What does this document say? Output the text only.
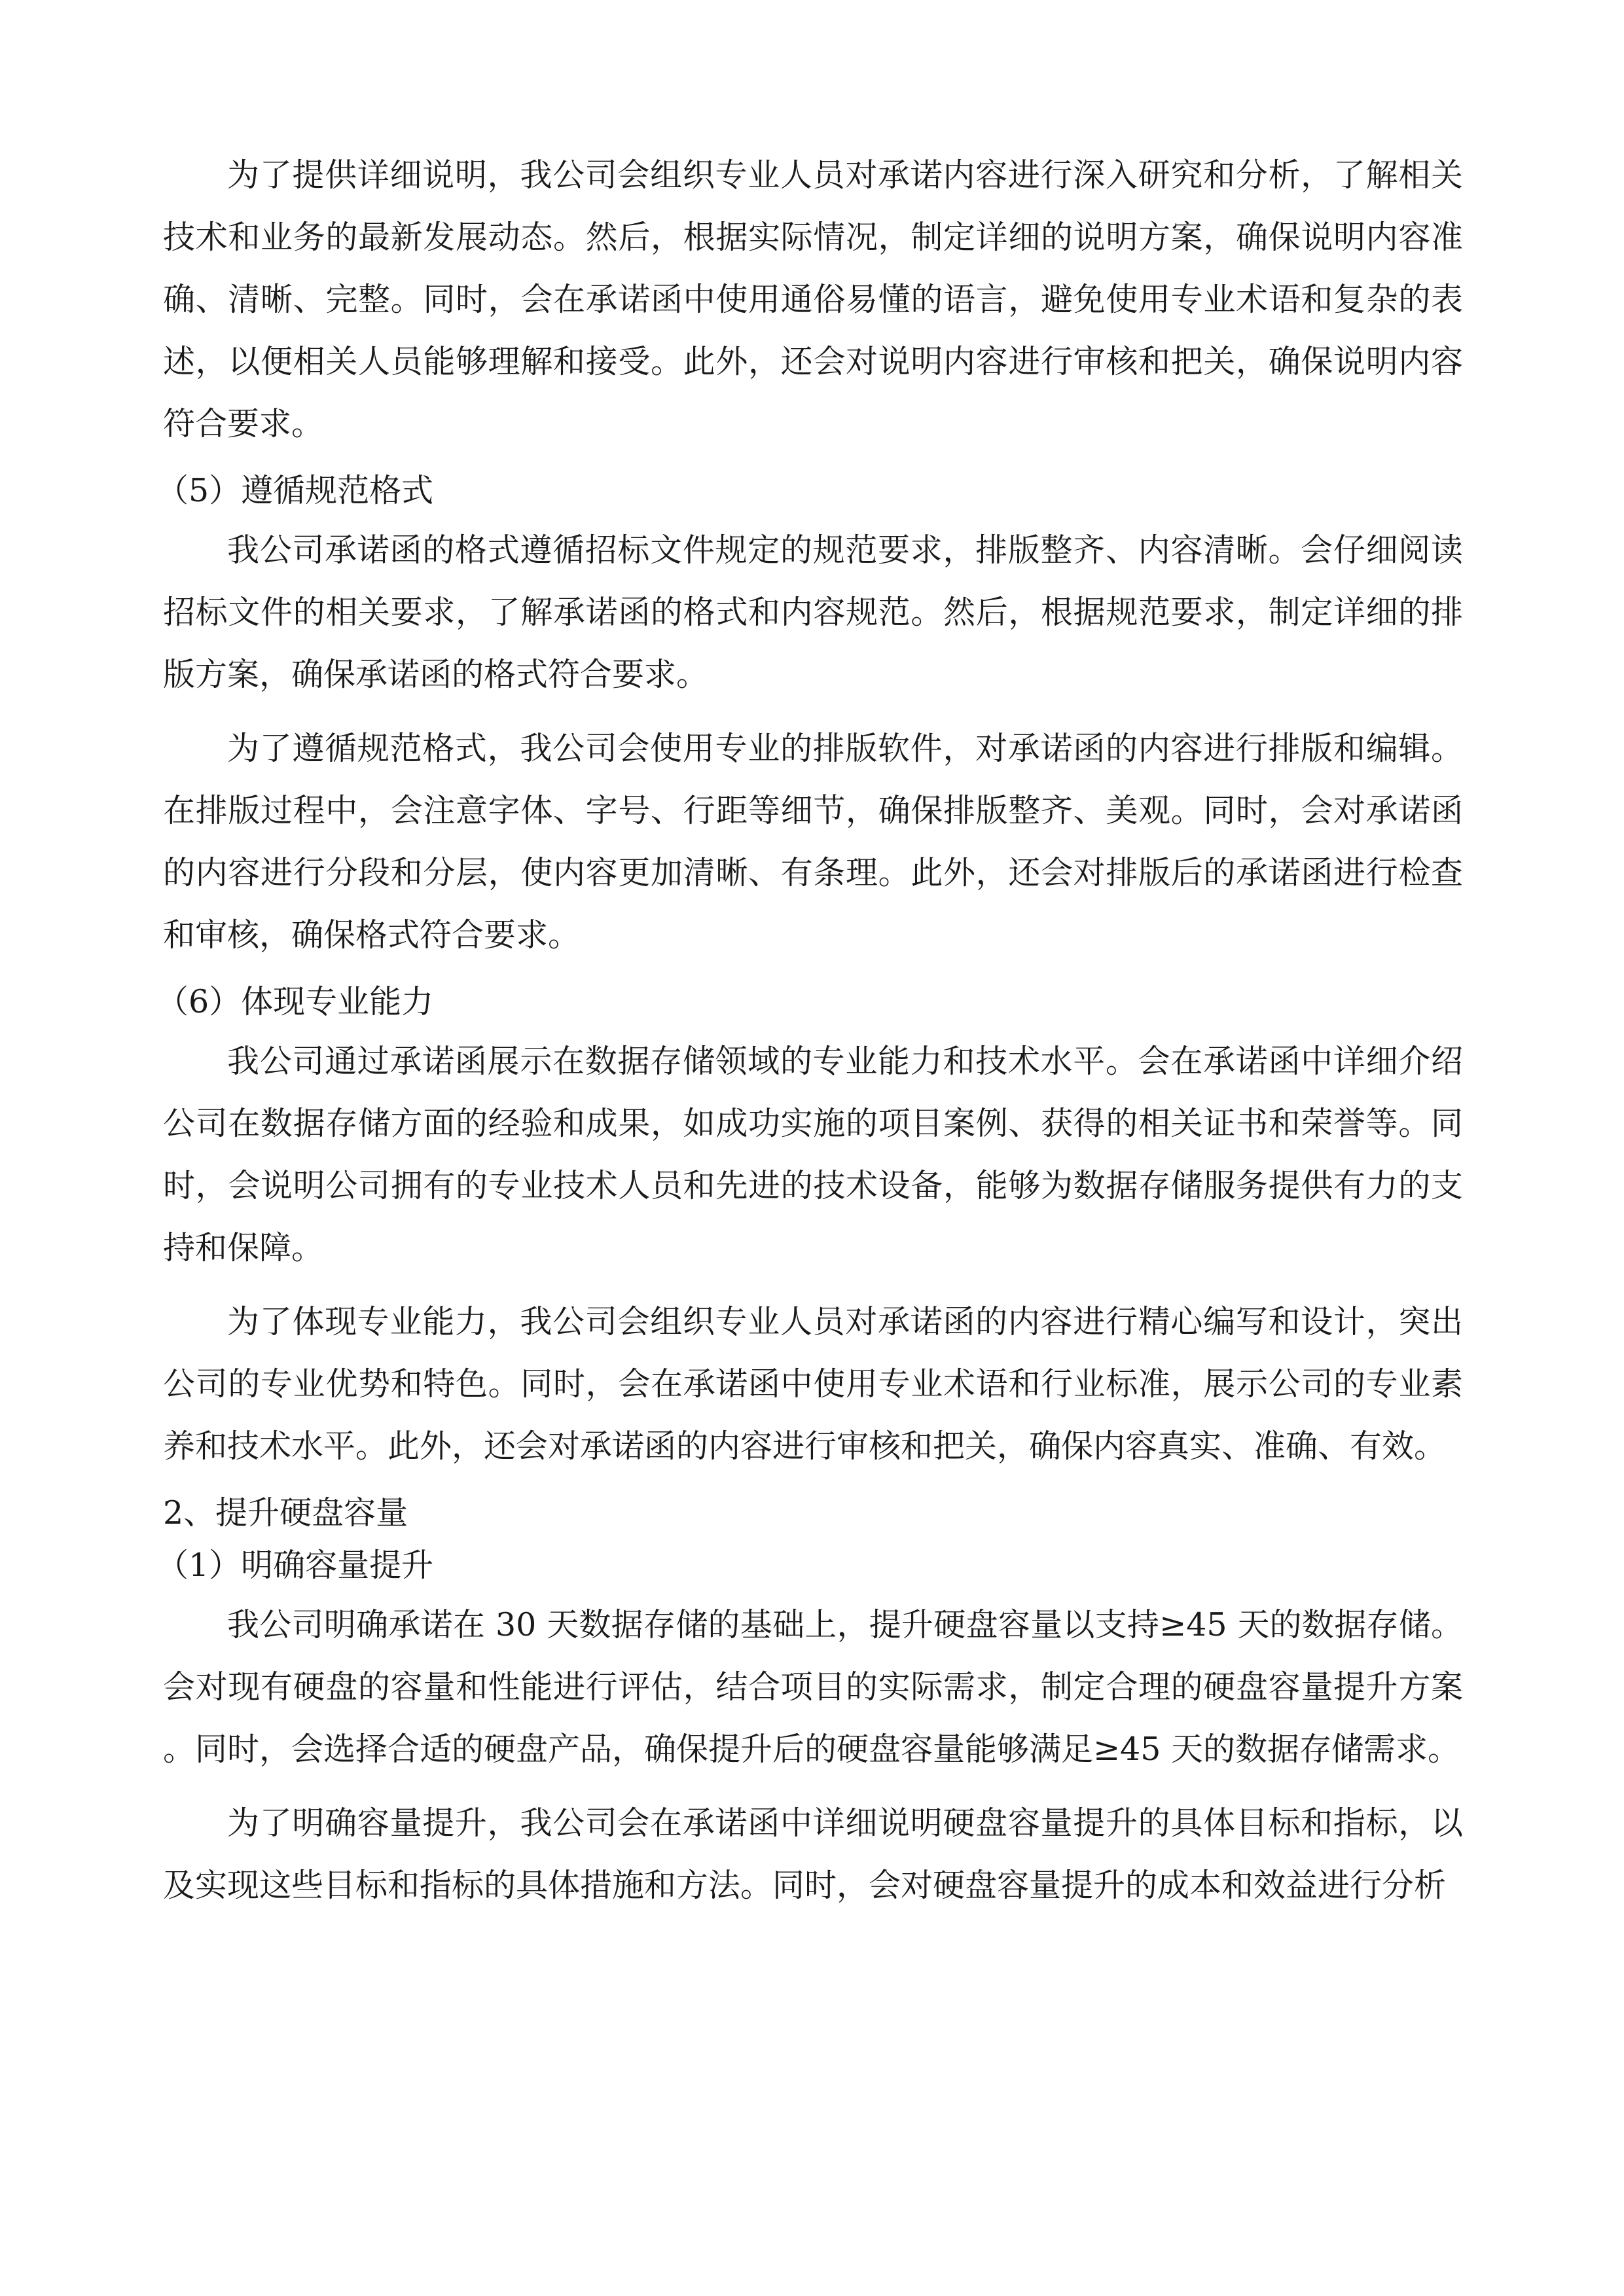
为了提供详细说明，我公司会组织专业人员对承诺内容进行深入研究和分析，了解相关技术和业务的最新发展动态。然后，根据实际情况，制定详细的说明方案，确保说明内容准确、清晰、完整。同时，会在承诺函中使用通俗易懂的语言，避免使用专业术语和复杂的表述，以便相关人员能够理解和接受。此外，还会对说明内容进行审核和把关，确保说明内容符合要求。

（5）遵循规范格式

我公司承诺函的格式遵循招标文件规定的规范要求，排版整齐、内容清晰。会仔细阅读招标文件的相关要求，了解承诺函的格式和内容规范。然后，根据规范要求，制定详细的排版方案，确保承诺函的格式符合要求。

为了遵循规范格式，我公司会使用专业的排版软件，对承诺函的内容进行排版和编辑。在排版过程中，会注意字体、字号、行距等细节，确保排版整齐、美观。同时，会对承诺函的内容进行分段和分层，使内容更加清晰、有条理。此外，还会对排版后的承诺函进行检查和审核，确保格式符合要求。

（6）体现专业能力

我公司通过承诺函展示在数据存储领域的专业能力和技术水平。会在承诺函中详细介绍公司在数据存储方面的经验和成果，如成功实施的项目案例、获得的相关证书和荣誉等。同时，会说明公司拥有的专业技术人员和先进的技术设备，能够为数据存储服务提供有力的支持和保障。

为了体现专业能力，我公司会组织专业人员对承诺函的内容进行精心编写和设计，突出公司的专业优势和特色。同时，会在承诺函中使用专业术语和行业标准，展示公司的专业素养和技术水平。此外，还会对承诺函的内容进行审核和把关，确保内容真实、准确、有效。

2、提升硬盘容量
（1）明确容量提升

我公司明确承诺在 30 天数据存储的基础上，提升硬盘容量以支持≥45 天的数据存储。会对现有硬盘的容量和性能进行评估，结合项目的实际需求，制定合理的硬盘容量提升方案。同时，会选择合适的硬盘产品，确保提升后的硬盘容量能够满足≥45 天的数据存储需求。

为了明确容量提升，我公司会在承诺函中详细说明硬盘容量提升的具体目标和指标，以及实现这些目标和指标的具体措施和方法。同时，会对硬盘容量提升的成本和效益进行分析
